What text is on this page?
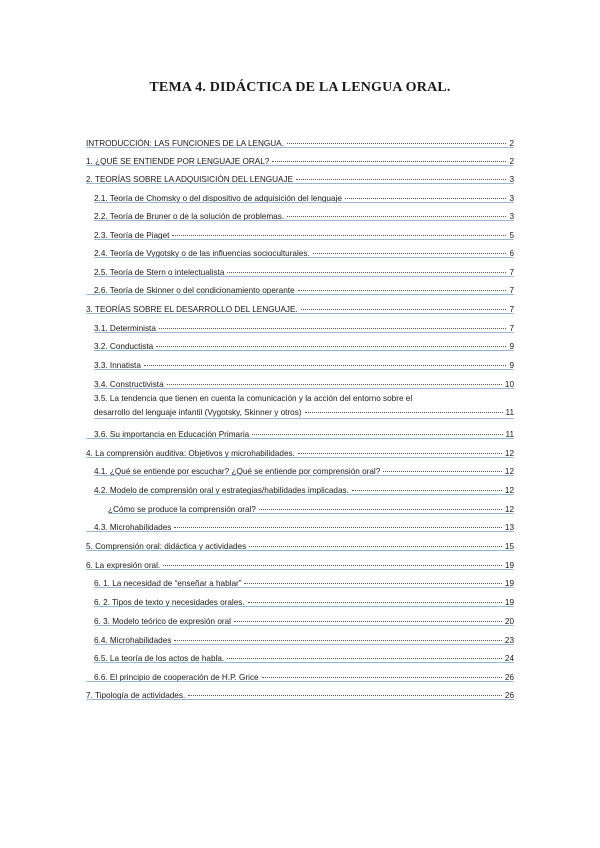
TEMA 4. DIDÁCTICA DE LA LENGUA ORAL.
INTRODUCCIÓN: LAS FUNCIONES DE LA LENGUA.	2
1. ¿QUÉ SE ENTIENDE POR LENGUAJE ORAL?	2
2. TEORÍAS SOBRE LA ADQUISICIÓN DEL LENGUAJE	3
2.1. Teoría de Chomsky o del dispositivo de adquisición del lenguaje	3
2.2. Teoría de Bruner o de la solución de problemas.	3
2.3. Teoría de Piaget	5
2.4. Teoría de Vygotsky o de las influencias socioculturales.	6
2.5. Teoría de Stern o intelectualista	7
2.6. Teoría de Skinner o del condicionamiento operante	7
3. TEORÍAS SOBRE EL DESARROLLO DEL LENGUAJE.	7
3.1. Determinista	7
3.2. Conductista	9
3.3. Innatista	9
3.4. Constructivista	10
3.5. La tendencia que tienen en cuenta la comunicación y la acción del entorno sobre el
desarrollo del lenguaje infantil (Vygotsky, Skinner y otros)	11
3.6. Su importancia en Educación Primaria	11
4. La comprensión auditiva: Objetivos y microhabilidades.	12
4.1. ¿Qué se entiende por escuchar? ¿Qué se entiende por comprensión oral?	12
4.2. Modelo de comprensión oral y estrategias/habilidades implicadas.	12
¿Cómo se produce la comprensión oral?	12
4.3. Microhabilidades	13
5. Comprensión oral: didáctica y actividades	15
6. La expresión oral.	19
6. 1. La necesidad de “enseñar a hablar”	19
6. 2. Tipos de texto y necesidades orales.	19
6. 3. Modelo teórico de expresión oral	20
6.4. Microhabilidades	23
6.5. La teoría de los actos de habla.	24
6.6. El principio de cooperación de H.P. Grice	26
7. Tipología de actividades.	26
